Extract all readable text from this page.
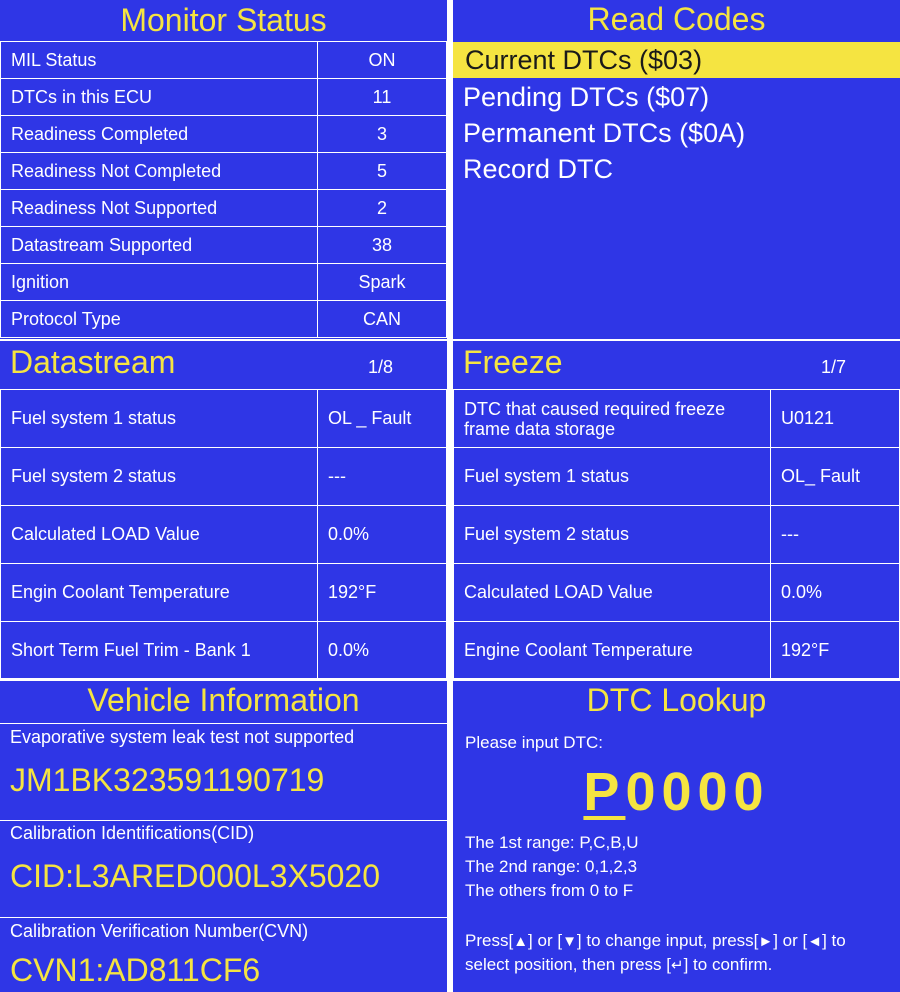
Monitor Status
MIL Status	ON
DTCs in this ECU	11
Readiness Completed	3
Readiness Not Completed	5
Readiness Not Supported	2
Datastream Supported	38
Ignition	Spark
Protocol Type	CAN
Read Codes
Current DTCs ($03)
Pending DTCs ($07)
Permanent DTCs ($0A)
Record DTC
Datastream	1/8
Fuel system 1 status	OL _ Fault
Fuel system 2 status	---
Calculated LOAD Value	0.0%
Engin Coolant Temperature	192°F
Short Term Fuel Trim - Bank 1	0.0%
Freeze	1/7
DTC that caused required freeze frame data storage	U0121
Fuel system 1 status	OL_ Fault
Fuel system 2 status	---
Calculated LOAD Value	0.0%
Engine Coolant Temperature	192°F
Vehicle Information
Evaporative system leak test not supported
JM1BK323591190719
Calibration Identifications(CID)
CID:L3ARED000L3X5020
Calibration Verification Number(CVN)
CVN1:AD811CF6
DTC Lookup
Please input DTC:
P0000
The 1st range: P,C,B,U
The 2nd range: 0,1,2,3
The others from 0 to F
Press[▲] or [▼] to change input, press[►] or [◄] to select position, then press [↵] to confirm.
